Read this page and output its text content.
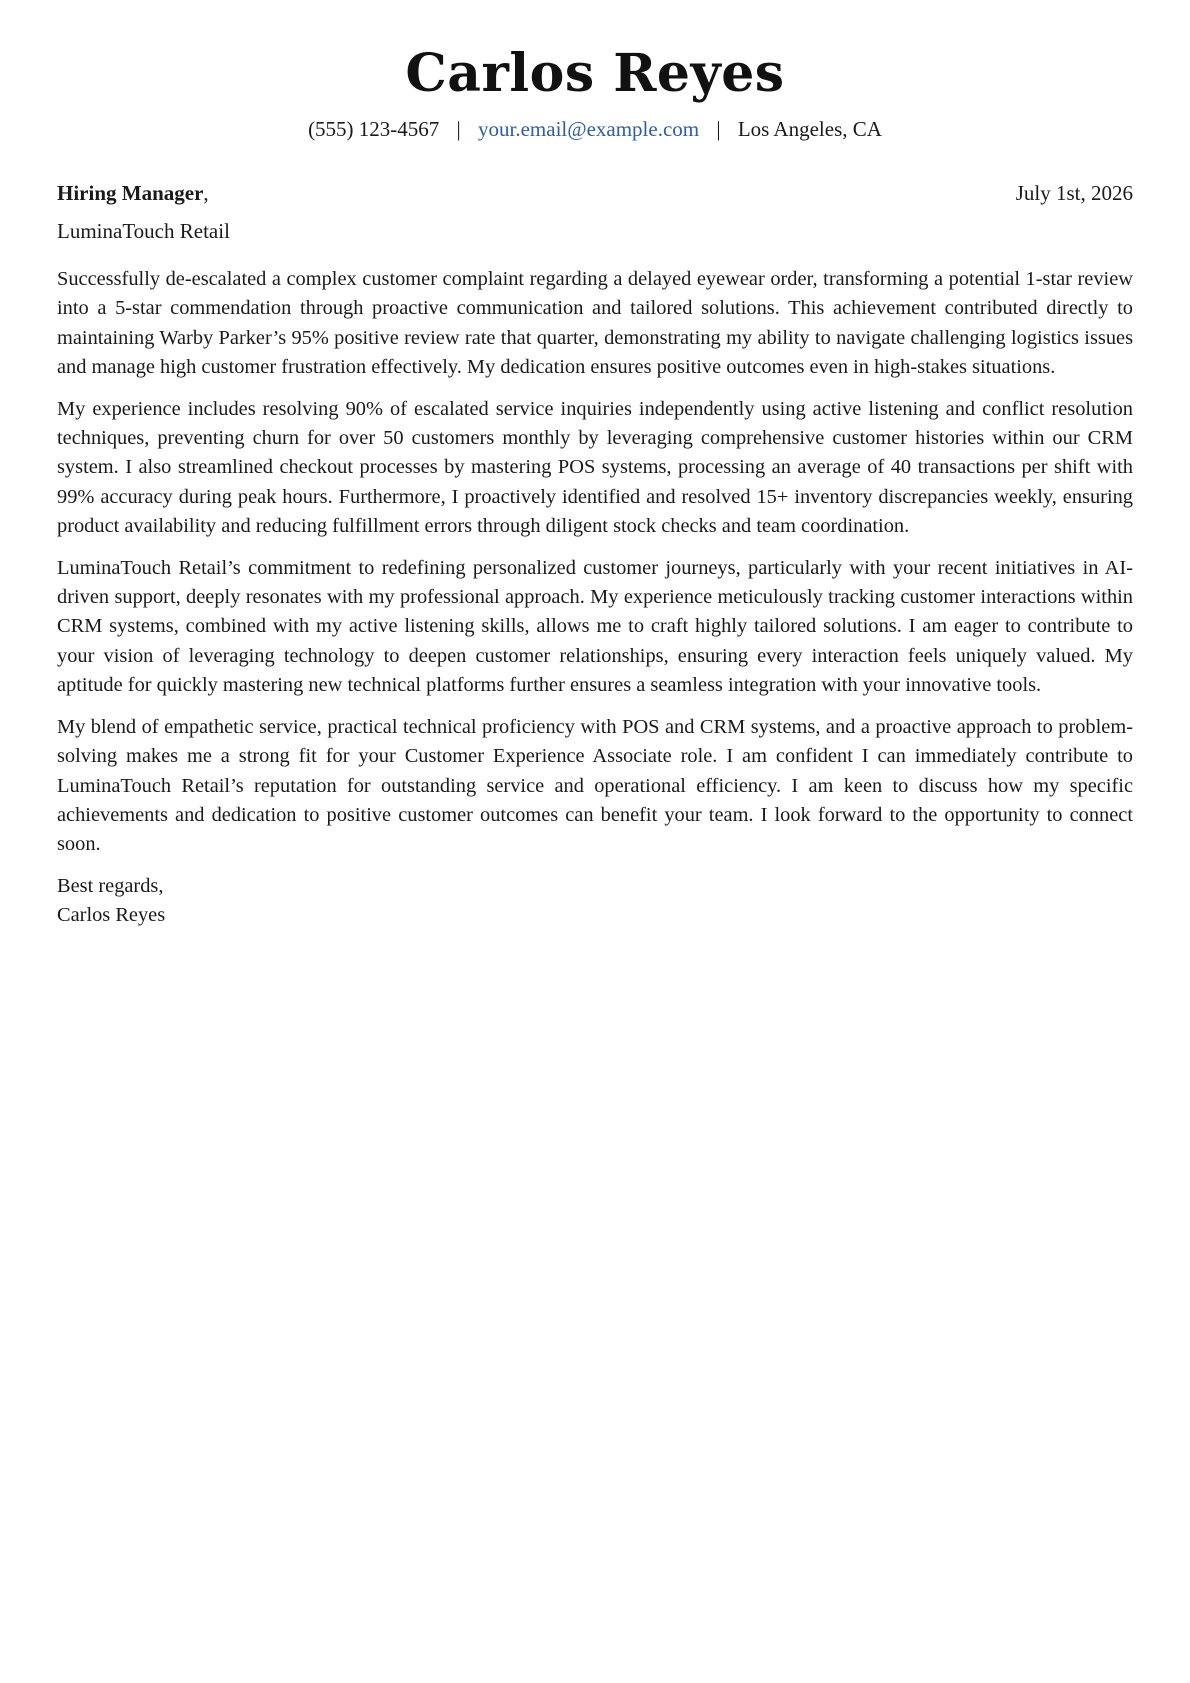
Carlos Reyes
(555) 123-4567 | your.email@example.com | Los Angeles, CA
Hiring Manager,	July 1st, 2026
LuminaTouch Retail

Successfully de-escalated a complex customer complaint regarding a delayed eyewear order, transforming a potential 1-star review into a 5-star commendation through proactive communication and tailored solutions. This achievement contributed directly to maintaining Warby Parker’s 95% positive review rate that quarter, demonstrating my ability to navigate challenging logistics issues and manage high customer frustration effectively. My dedication ensures positive outcomes even in high-stakes situations.

My experience includes resolving 90% of escalated service inquiries independently using active listening and conflict resolution techniques, preventing churn for over 50 customers monthly by leveraging comprehensive customer histories within our CRM system. I also streamlined checkout processes by mastering POS systems, processing an average of 40 transactions per shift with 99% accuracy during peak hours. Furthermore, I proactively identified and resolved 15+ inventory discrepancies weekly, ensuring product availability and reducing fulfillment errors through diligent stock checks and team coordination.

LuminaTouch Retail’s commitment to redefining personalized customer journeys, particularly with your recent initiatives in AI-driven support, deeply resonates with my professional approach. My experience meticulously tracking customer interactions within CRM systems, combined with my active listening skills, allows me to craft highly tailored solutions. I am eager to contribute to your vision of leveraging technology to deepen customer relationships, ensuring every interaction feels uniquely valued. My aptitude for quickly mastering new technical platforms further ensures a seamless integration with your innovative tools.

My blend of empathetic service, practical technical proficiency with POS and CRM systems, and a proactive approach to problem-solving makes me a strong fit for your Customer Experience Associate role. I am confident I can immediately contribute to LuminaTouch Retail’s reputation for outstanding service and operational efficiency. I am keen to discuss how my specific achievements and dedication to positive customer outcomes can benefit your team. I look forward to the opportunity to connect soon.

Best regards,
Carlos Reyes
